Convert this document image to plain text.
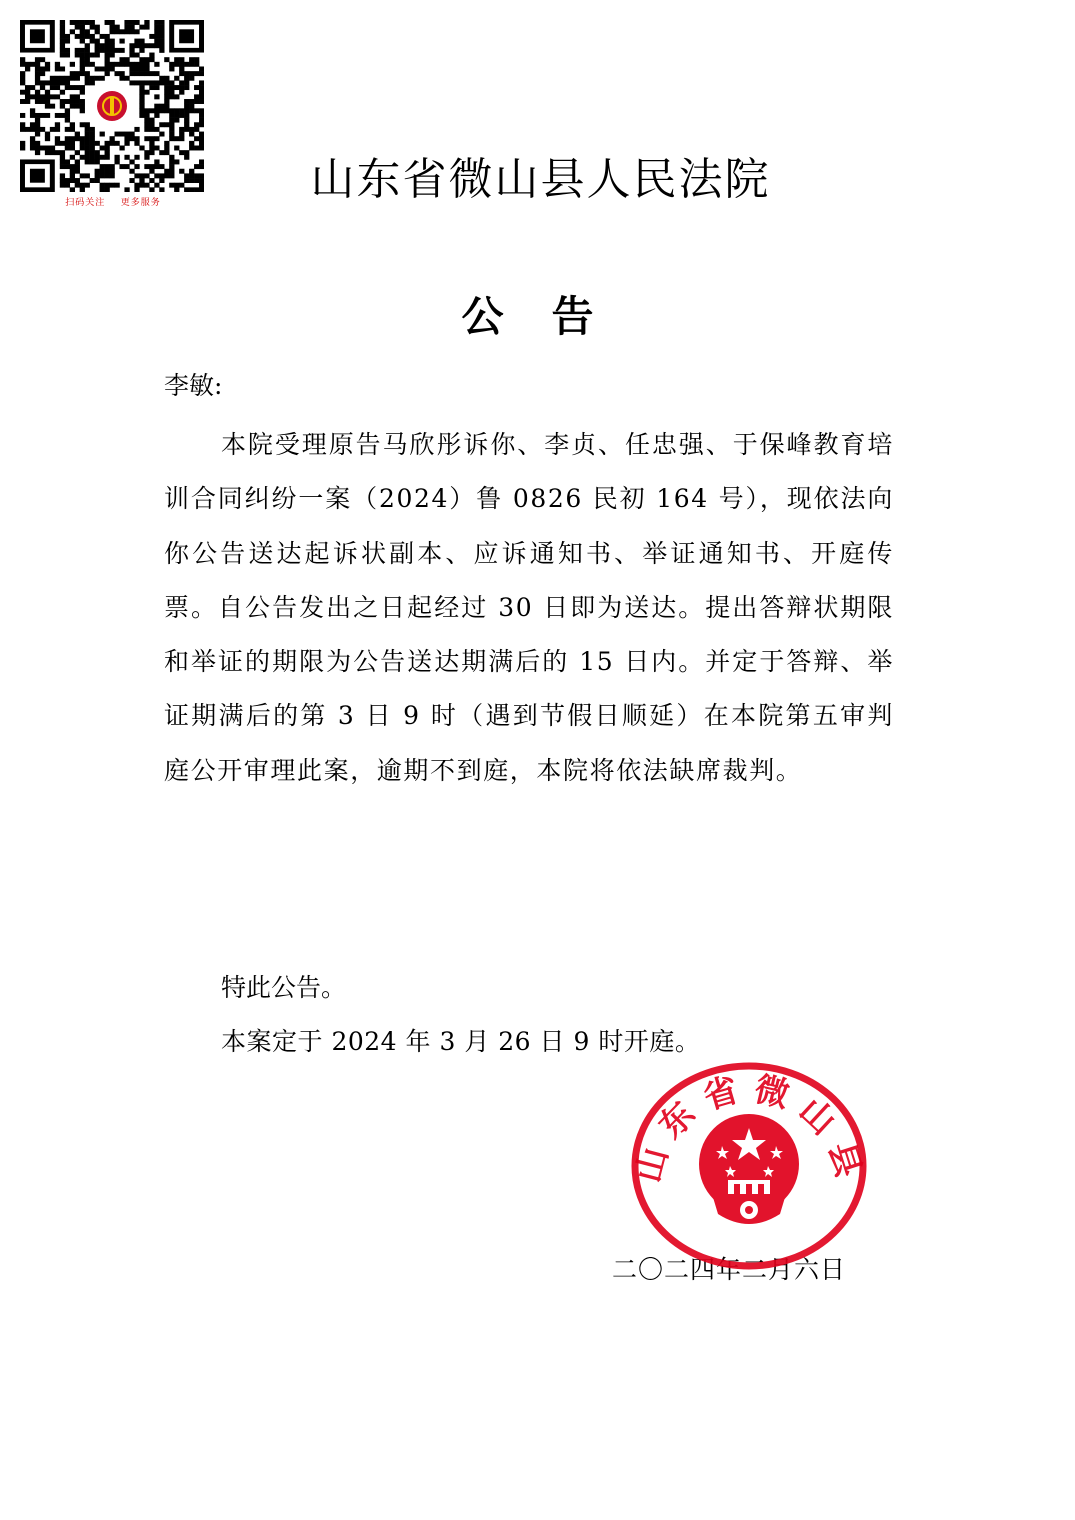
扫码关注    更多服务	山东省微山县人民法院
公告
李敏:
本院受理原告马欣彤诉你、李贞、任忠强、于保峰教育培训合同纠纷一案（2024）鲁 0826 民初 164 号），现依法向你公告送达起诉状副本、应诉通知书、举证通知书、开庭传票。自公告发出之日起经过 30 日即为送达。提出答辩状期限和举证的期限为公告送达期满后的 15 日内。并定于答辩、举证期满后的第 3 日 9 时（遇到节假日顺延）在本院第五审判庭公开审理此案，逾期不到庭，本院将依法缺席裁判。
特此公告。
本案定于 2024 年 3 月 26 日 9 时开庭。
二〇二四年二月六日
山 东 省 微 山 县
